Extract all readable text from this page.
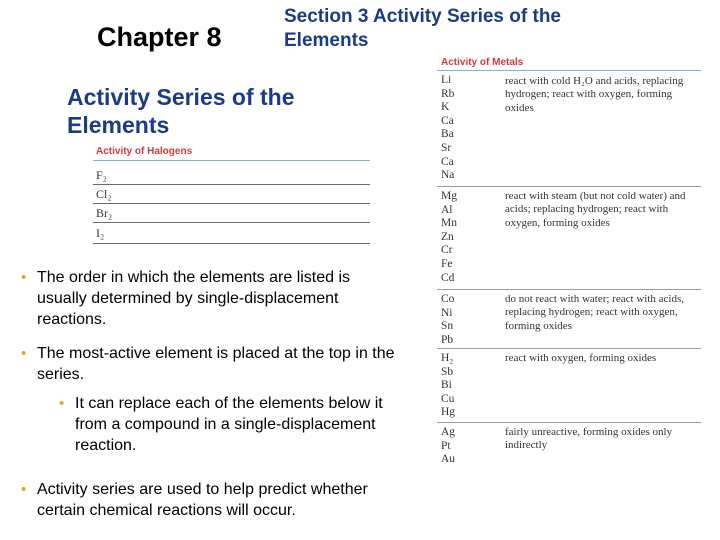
Chapter 8
Section 3 Activity Series of the Elements
Activity Series of the Elements
Activity of Halogens
F₂
Cl₂
Br₂
I₂
• The order in which the elements are listed is usually determined by single-displacement reactions.
• The most-active element is placed at the top in the series.
• It can replace each of the elements below it from a compound in a single-displacement reaction.
• Activity series are used to help predict whether certain chemical reactions will occur.
Activity of Metals
Li
Rb
K
Ca
Ba
Sr
Ca
Na
react with cold H₂O and acids, replacing hydrogen; react with oxygen, forming oxides
Mg
Al
Mn
Zn
Cr
Fe
Cd
react with steam (but not cold water) and acids; replacing hydrogen; react with oxygen, forming oxides
Co
Ni
Sn
Pb
do not react with water; react with acids, replacing hydrogen; react with oxygen, forming oxides
H₂
Sb
Bi
Cu
Hg
react with oxygen, forming oxides
Ag
Pt
Au
fairly unreactive, forming oxides only indirectly
